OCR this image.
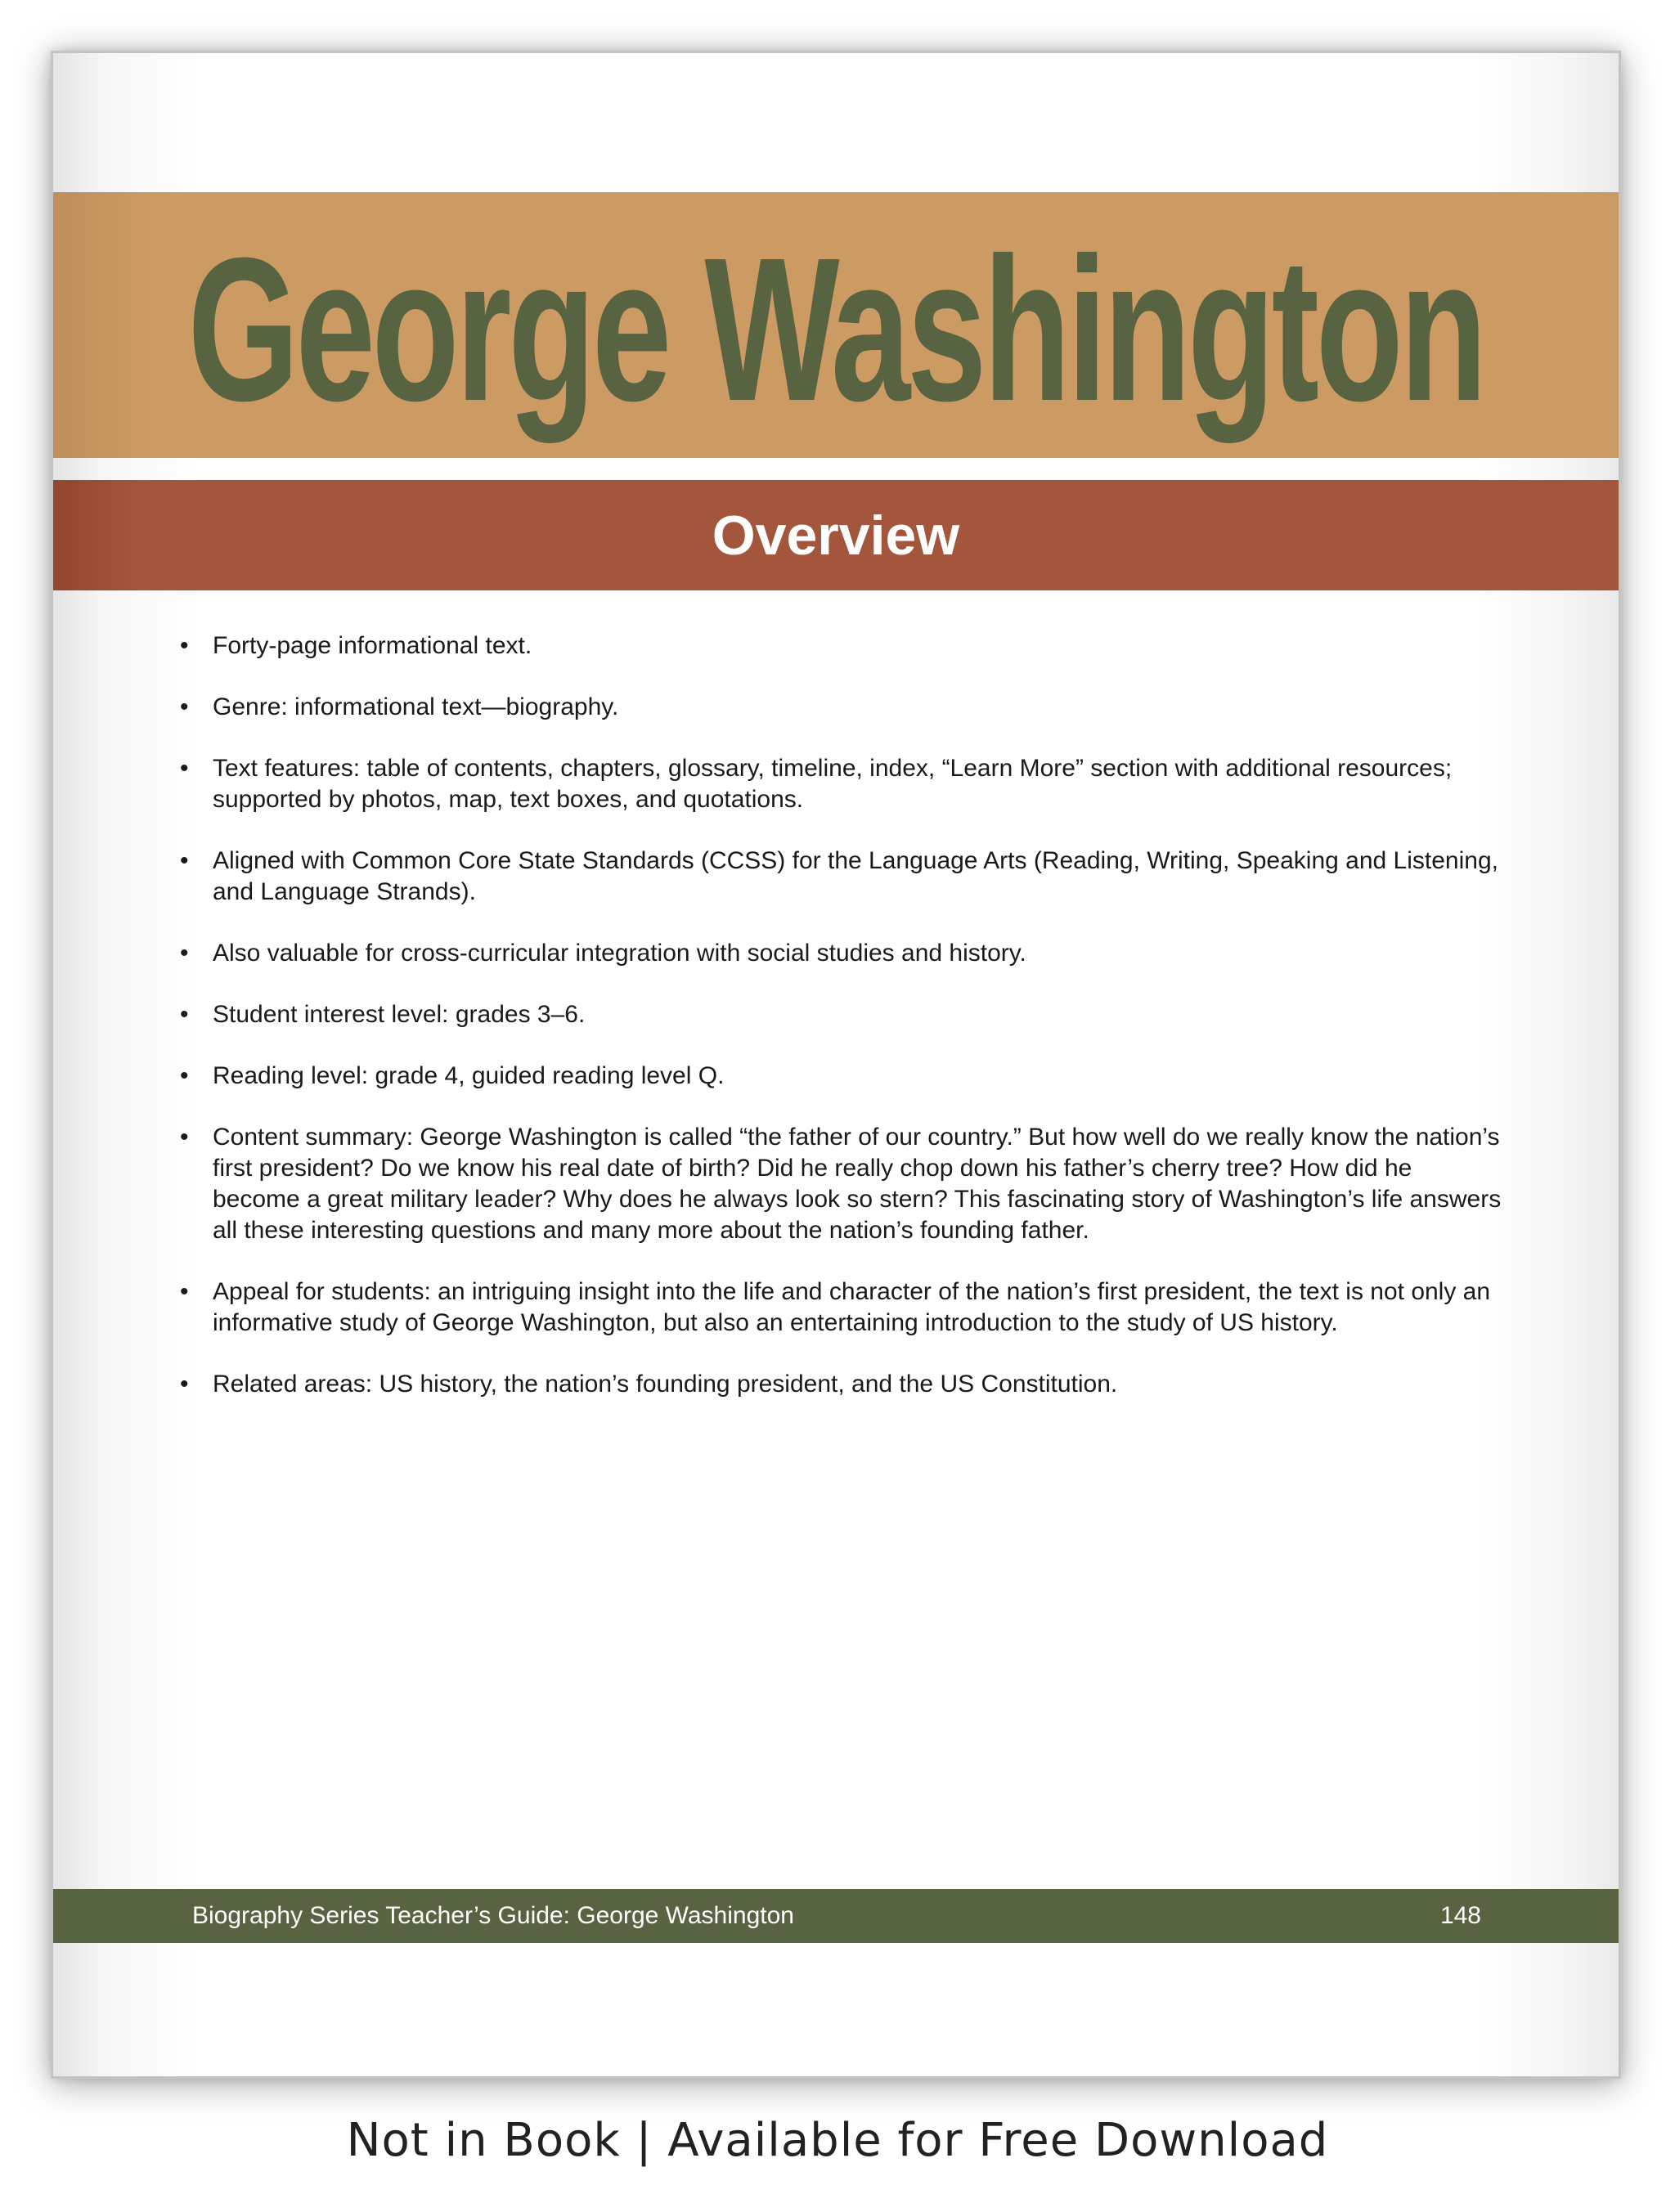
George Washington
Overview
• Forty-page informational text.
• Genre: informational text—biography.
• Text features: table of contents, chapters, glossary, timeline, index, “Learn More” section with additional resources; supported by photos, map, text boxes, and quotations.
• Aligned with Common Core State Standards (CCSS) for the Language Arts (Reading, Writing, Speaking and Listening, and Language Strands).
• Also valuable for cross-curricular integration with social studies and history.
• Student interest level: grades 3–6.
• Reading level: grade 4, guided reading level Q.
• Content summary: George Washington is called “the father of our country.” But how well do we really know the nation’s first president? Do we know his real date of birth? Did he really chop down his father’s cherry tree? How did he become a great military leader? Why does he always look so stern? This fascinating story of Washington’s life answers all these interesting questions and many more about the nation’s founding father.
• Appeal for students: an intriguing insight into the life and character of the nation’s first president, the text is not only an informative study of George Washington, but also an entertaining introduction to the study of US history.
• Related areas: US history, the nation’s founding president, and the US Constitution.
Biography Series Teacher’s Guide: George Washington	148
Not in Book | Available for Free Download
